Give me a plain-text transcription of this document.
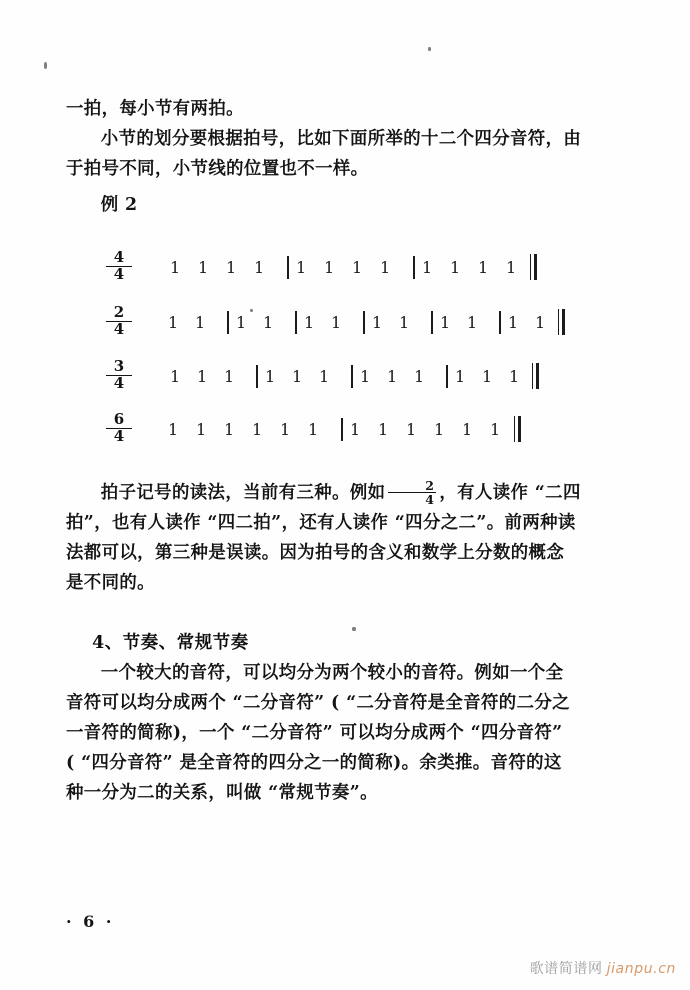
一拍，每小节有两拍。

小节的划分要根据拍号，比如下面所举的十二个四分音符，由

于拍号不同，小节线的位置也不一样。

例 2

$\frac{4}{4} 1$ 1 1 1 1 1 1 1 1 1 1 1
$\frac{2}{4} 1$ 1 1 1 1 1 1 1 1 1 1 1
$\frac{3}{4} 1$ 1 1 1 1 1 1 1 1 1 1 1
$\frac{6}{4} 1$ 1 1 1 1 1 1 1 1 1 1 1

拍子记号的读法，当前有三种。例如 $\frac{2}{4}$ ，有人读作 “二四

拍”，也有人读作 “四二拍”，还有人读作 “四分之二”。前两种读

法都可以，第三种是误读。因为拍号的含义和数学上分数的概念

是不同的。

4、节奏、常规节奏

一个较大的音符，可以均分为两个较小的音符。例如一个全

音符可以均分成两个 “二分音符” ( “二分音符是全音符的二分之

一音符的简称)，一个 “二分音符” 可以均分成两个 “四分音符”

( “四分音符” 是全音符的四分之一的简称)。余类推。音符的这

种一分为二的关系，叫做 “常规节奏”。

· 6 ·
歌谱简谱网 jianpu.cn
